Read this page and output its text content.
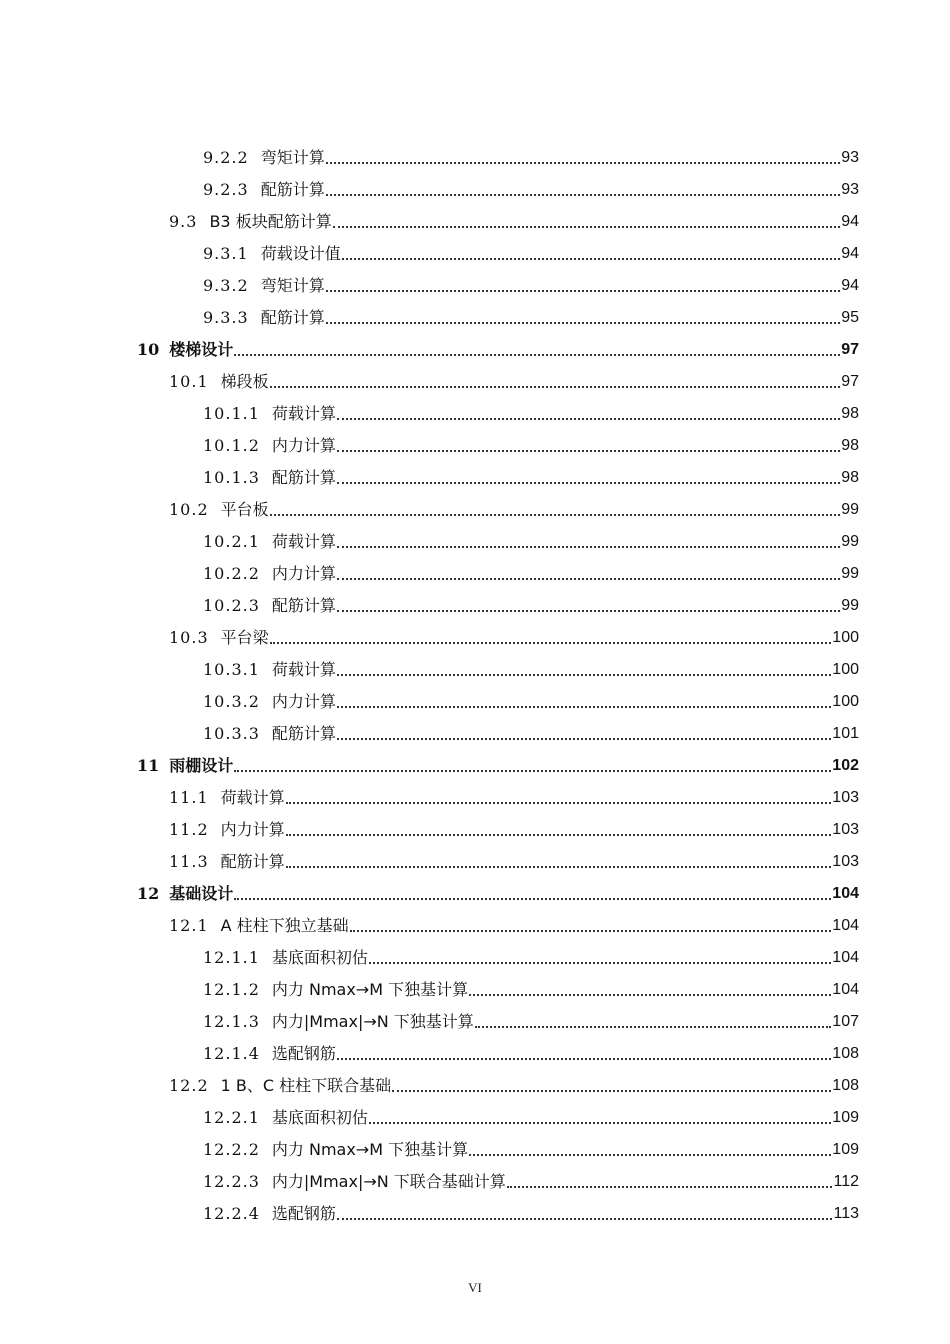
9.2.2 弯矩计算	93
9.2.3 配筋计算	93
9.3 B3 板块配筋计算	94
9.3.1 荷载设计值	94
9.3.2 弯矩计算	94
9.3.3 配筋计算	95
10 楼梯设计	97
10.1 梯段板	97
10.1.1 荷载计算	98
10.1.2 内力计算	98
10.1.3 配筋计算	98
10.2 平台板	99
10.2.1 荷载计算	99
10.2.2 内力计算	99
10.2.3 配筋计算	99
10.3 平台梁	100
10.3.1 荷载计算	100
10.3.2 内力计算	100
10.3.3 配筋计算	101
11 雨棚设计	102
11.1 荷载计算	103
11.2 内力计算	103
11.3 配筋计算	103
12 基础设计	104
12.1 A 柱柱下独立基础	104
12.1.1 基底面积初估	104
12.1.2 内力 Nmax→M 下独基计算	104
12.1.3 内力|Mmax|→N 下独基计算	107
12.1.4 选配钢筋	108
12.2 1 B、C 柱柱下联合基础	108
12.2.1 基底面积初估	109
12.2.2 内力 Nmax→M 下独基计算	109
12.2.3 内力|Mmax|→N 下联合基础计算	112
12.2.4 选配钢筋	113
VI
